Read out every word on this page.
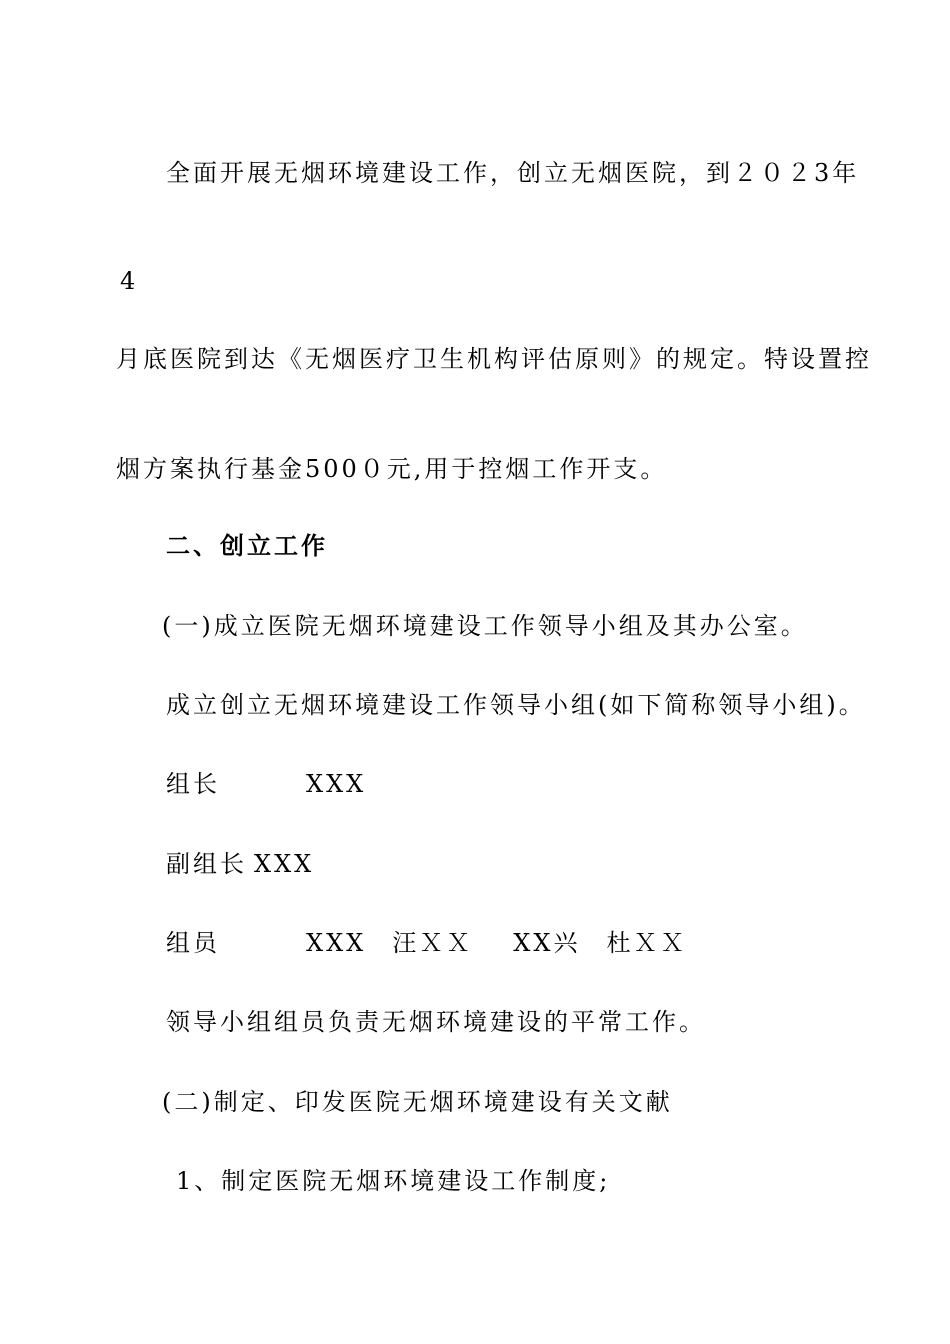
全面开展无烟环境建设工作，创立无烟医院，到２０２3年

4

月底医院到达《无烟医疗卫生机构评估原则》的规定。特设置控

烟方案执行基金500０元,用于控烟工作开支。

二、创立工作

(一)成立医院无烟环境建设工作领导小组及其办公室。

成立创立无烟环境建设工作领导小组(如下简称领导小组)。

组长	XXX

副组长 XXX

组员	XXX 汪ＸＸ XX兴 杜ＸＸ

领导小组组员负责无烟环境建设的平常工作。

(二)制定、印发医院无烟环境建设有关文献

1、制定医院无烟环境建设工作制度;
